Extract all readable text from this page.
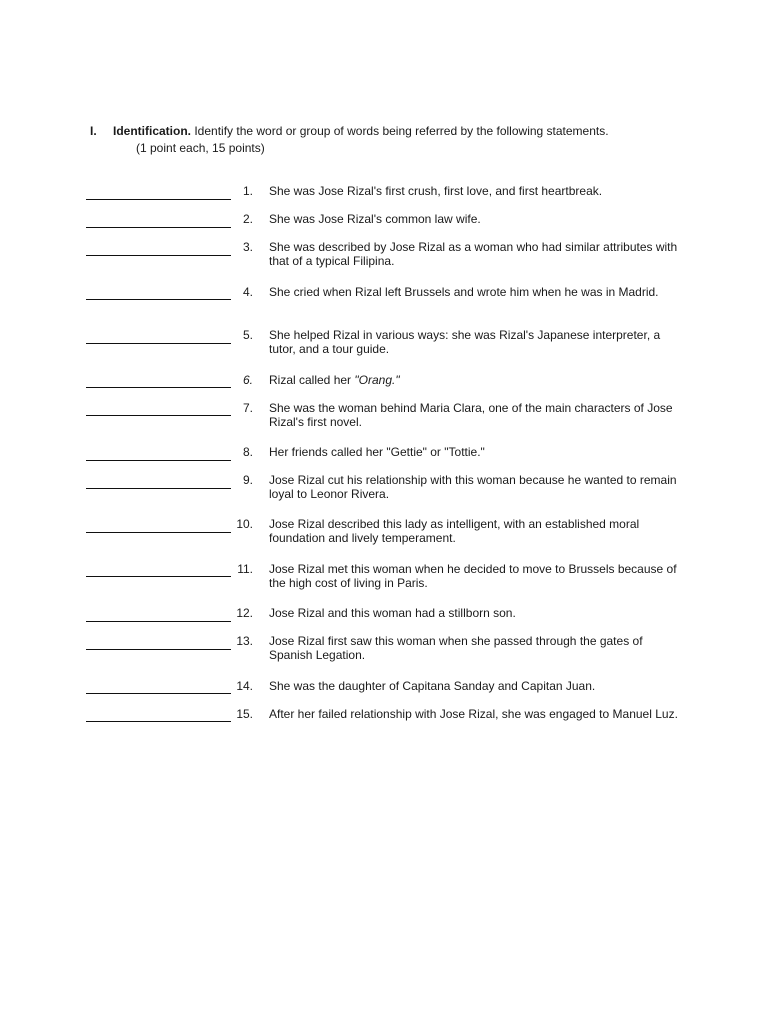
I. Identification. Identify the word or group of words being referred by the following statements.
(1 point each, 15 points)
1. She was Jose Rizal's first crush, first love, and first heartbreak.
2. She was Jose Rizal's common law wife.
3. She was described by Jose Rizal as a woman who had similar attributes with that of a typical Filipina.
4. She cried when Rizal left Brussels and wrote him when he was in Madrid.
5. She helped Rizal in various ways: she was Rizal's Japanese interpreter, a tutor, and a tour guide.
6. Rizal called her "Orang."
7. She was the woman behind Maria Clara, one of the main characters of Jose Rizal's first novel.
8. Her friends called her "Gettie" or "Tottie."
9. Jose Rizal cut his relationship with this woman because he wanted to remain loyal to Leonor Rivera.
10. Jose Rizal described this lady as intelligent, with an established moral foundation and lively temperament.
11. Jose Rizal met this woman when he decided to move to Brussels because of the high cost of living in Paris.
12. Jose Rizal and this woman had a stillborn son.
13. Jose Rizal first saw this woman when she passed through the gates of Spanish Legation.
14. She was the daughter of Capitana Sanday and Capitan Juan.
15. After her failed relationship with Jose Rizal, she was engaged to Manuel Luz.
